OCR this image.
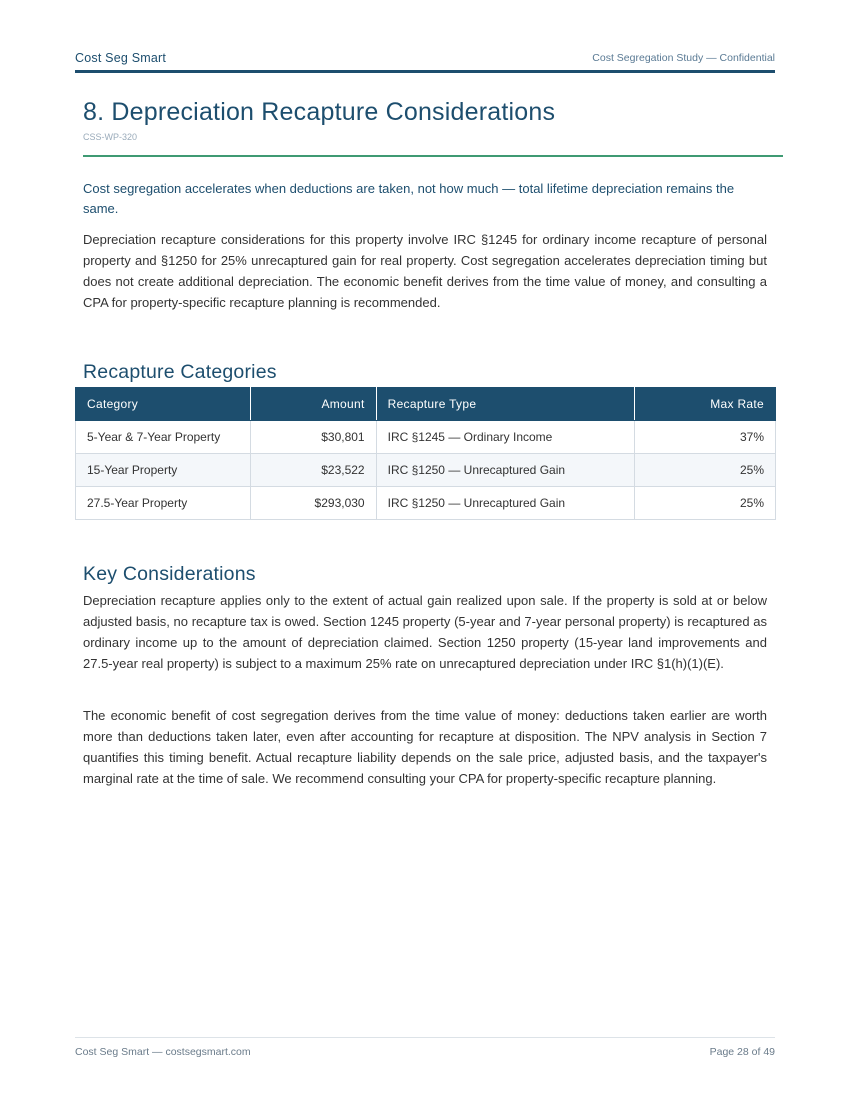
Cost Seg Smart	Cost Segregation Study — Confidential
8. Depreciation Recapture Considerations
CSS-WP-320

Cost segregation accelerates when deductions are taken, not how much — total lifetime depreciation remains the same.

Depreciation recapture considerations for this property involve IRC §1245 for ordinary income recapture of personal property and §1250 for 25% unrecaptured gain for real property. Cost segregation accelerates depreciation timing but does not create additional depreciation. The economic benefit derives from the time value of money, and consulting a CPA for property-specific recapture planning is recommended.

Recapture Categories
Category	Amount	Recapture Type	Max Rate
5-Year & 7-Year Property	$30,801	IRC §1245 — Ordinary Income	37%
15-Year Property	$23,522	IRC §1250 — Unrecaptured Gain	25%
27.5-Year Property	$293,030	IRC §1250 — Unrecaptured Gain	25%
Key Considerations

Depreciation recapture applies only to the extent of actual gain realized upon sale. If the property is sold at or below adjusted basis, no recapture tax is owed. Section 1245 property (5-year and 7-year personal property) is recaptured as ordinary income up to the amount of depreciation claimed. Section 1250 property (15-year land improvements and 27.5-year real property) is subject to a maximum 25% rate on unrecaptured depreciation under IRC §1(h)(1)(E).

The economic benefit of cost segregation derives from the time value of money: deductions taken earlier are worth more than deductions taken later, even after accounting for recapture at disposition. The NPV analysis in Section 7 quantifies this timing benefit. Actual recapture liability depends on the sale price, adjusted basis, and the taxpayer's marginal rate at the time of sale. We recommend consulting your CPA for property-specific recapture planning.

Cost Seg Smart — costsegsmart.com	Page 28 of 49
